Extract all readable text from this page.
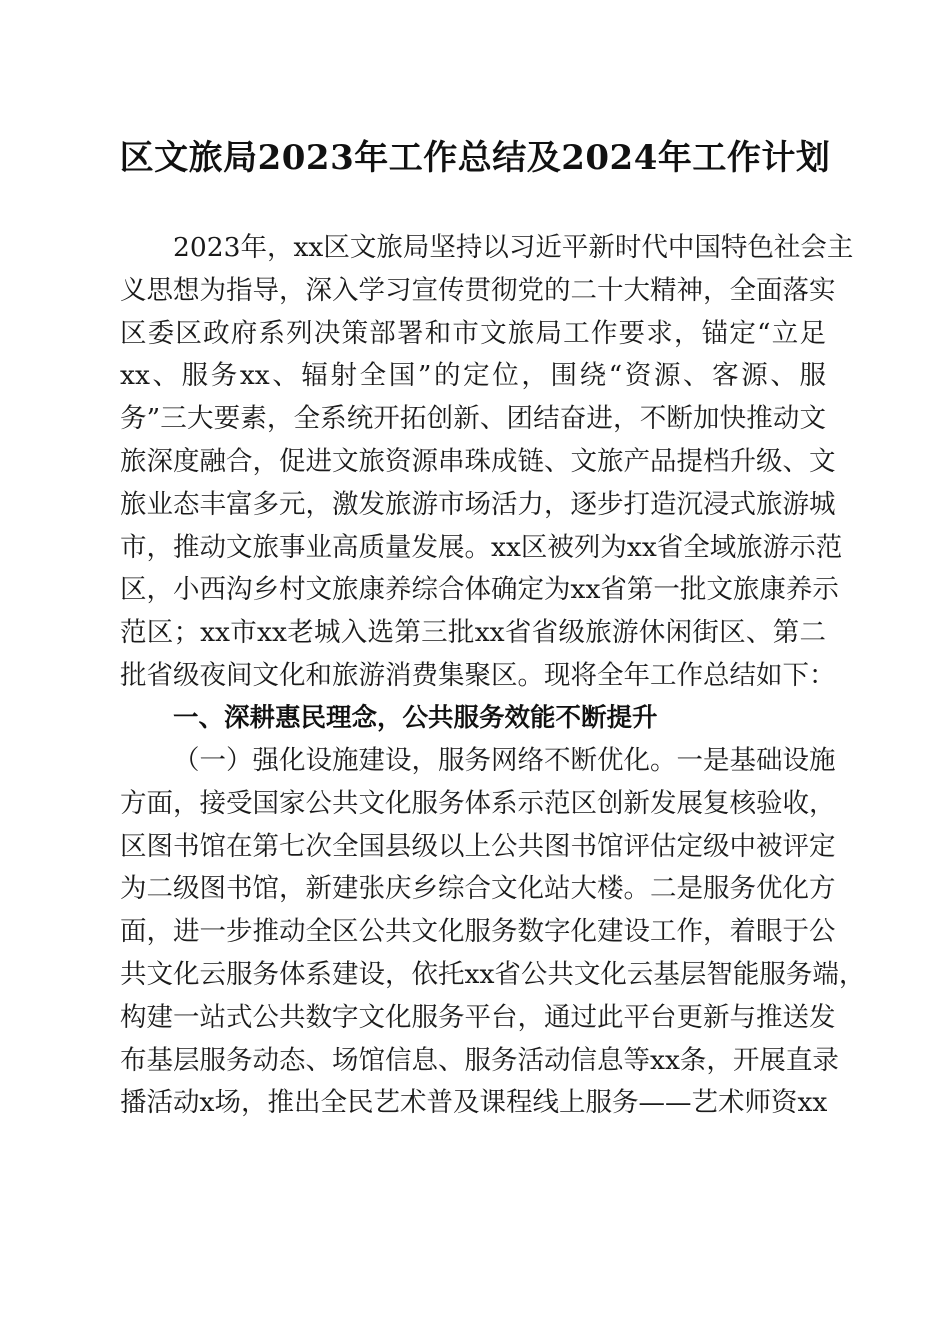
区文旅局2023年工作总结及2024年工作计划
2023年，xx区文旅局坚持以习近平新时代中国特色社会主
义思想为指导，深入学习宣传贯彻党的二十大精神，全面落实
区委区政府系列决策部署和市文旅局工作要求，锚定“立足
xx、服务xx、辐射全国”的定位，围绕“资源、客源、服
务”三大要素，全系统开拓创新、团结奋进，不断加快推动文
旅深度融合，促进文旅资源串珠成链、文旅产品提档升级、文
旅业态丰富多元，激发旅游市场活力，逐步打造沉浸式旅游城
市，推动文旅事业高质量发展。xx区被列为xx省全域旅游示范
区，小西沟乡村文旅康养综合体确定为xx省第一批文旅康养示
范区；xx市xx老城入选第三批xx省省级旅游休闲街区、第二
批省级夜间文化和旅游消费集聚区。现将全年工作总结如下：
一、深耕惠民理念，公共服务效能不断提升
（一）强化设施建设，服务网络不断优化。一是基础设施
方面，接受国家公共文化服务体系示范区创新发展复核验收，
区图书馆在第七次全国县级以上公共图书馆评估定级中被评定
为二级图书馆，新建张庆乡综合文化站大楼。二是服务优化方
面，进一步推动全区公共文化服务数字化建设工作，着眼于公
共文化云服务体系建设，依托xx省公共文化云基层智能服务端，
构建一站式公共数字文化服务平台，通过此平台更新与推送发
布基层服务动态、场馆信息、服务活动信息等xx条，开展直录
播活动x场，推出全民艺术普及课程线上服务——艺术师资xx
